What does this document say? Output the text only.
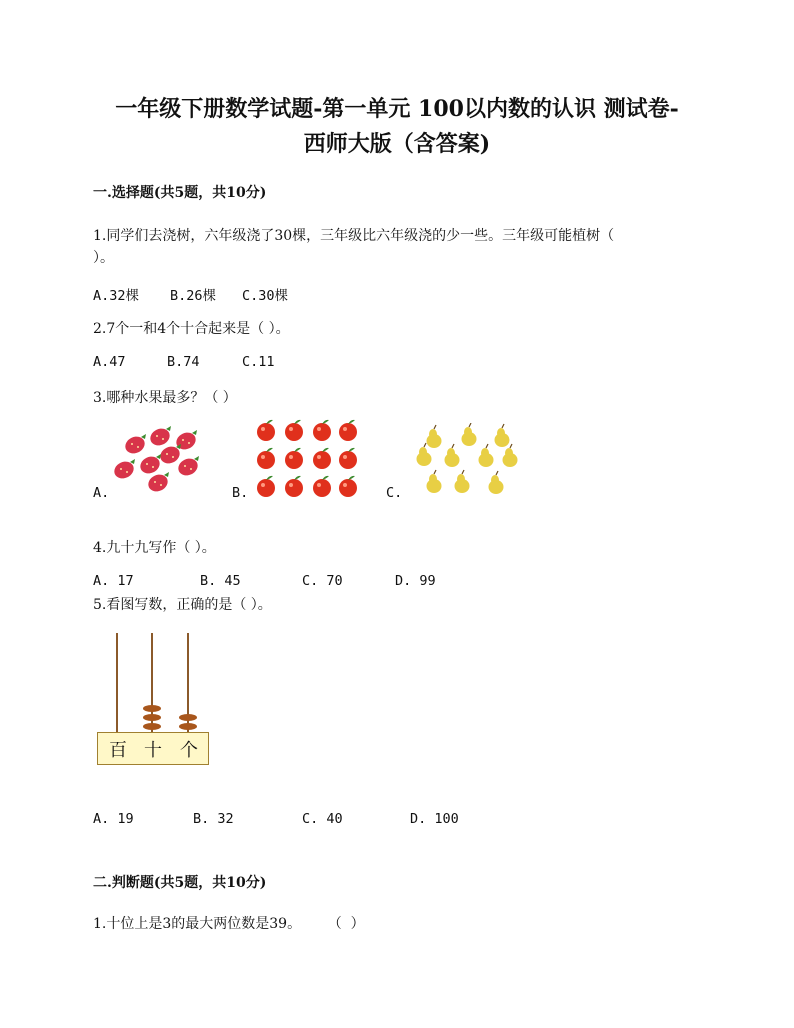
一年级下册数学试题-第一单元 100以内数的认识 测试卷-
西师大版（含答案)
一.选择题(共5题，共10分)
1.同学们去浇树，六年级浇了30棵，三年级比六年级浇的少一些。三年级可能植树（
）。
A.32棵 B.26棵 C.30棵
2.7个一和4个十合起来是（ ）。
A.47	B.74	C.11
3.哪种水果最多？（ ）
A.	B.	C.
4.九十九写作（ ）。
A. 17	B. 45	C. 70	D. 99
5.看图写数，正确的是（ ）。
百 十 个
A. 19	B. 32	C. 40	D. 100
二.判断题(共5题，共10分)
1.十位上是3的最大两位数是39。      （  ）
